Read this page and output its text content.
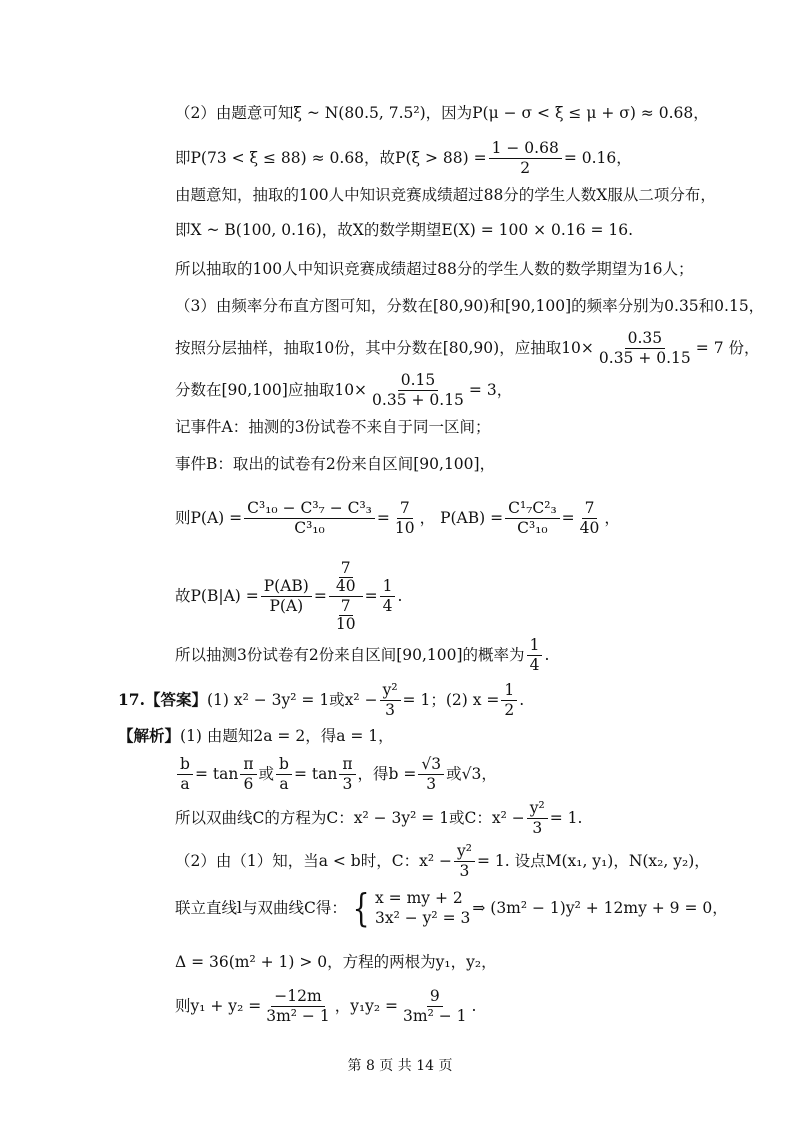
（2）由题意可知ξ ~ N(80.5, 7.5²)，因为P(μ − σ < ξ ≤ μ + σ) ≈ 0.68，
即P(73 < ξ ≤ 88) ≈ 0.68，故$P(\xi > 88) = \frac{1 - 0.68}{2} = 0.16$，
由题意知，抽取的100人中知识竞赛成绩超过88分的学生人数X服从二项分布，
即X ~ B(100, 0.16)，故X的数学期望E(X) = 100 × 0.16 = 16.
所以抽取的100人中知识竞赛成绩超过88分的学生人数的数学期望为16人；
（3）由频率分布直方图可知，分数在[80,90)和[90,100]的频率分别为0.35和0.15，
按照分层抽样，抽取10份，其中分数在[80,90)，应抽取$10\times \frac{0.35}{0.35 + 0.15} = 7$ 份，
分数在[90,100]应抽取$10\times \frac{0.15}{0.35 + 0.15} = 3$，
记事件A：抽测的3份试卷不来自于同一区间；
事件B：取出的试卷有2份来自区间[90,100]，
则$P(A) = \frac{\text{C³₁₀ − C³₇ − C³₃}}{\text{C³₁₀}} = \frac{7}{10}$ ， $P(AB) = \frac{\text{C¹₇C²₃}}{\text{C³₁₀}} = \frac{7}{40}$ ，
故$P(B|A) = \frac{P(AB)}{P(A)} = \frac{\frac{7}{40}}{\frac{7}{10}} = \frac{1}{4}$ .
所以抽测3份试卷有2份来自区间[90,100]的概率为 $\frac{1}{4}$ .
17.【答案】 (1) x² − 3y² = 1或$x^2 - \frac{\text{y²}}{3} = 1$；(2) $x = \frac{1}{2}$ .
【解析】 (1) 由题知2a = 2，得a = 1，
$\frac{b}{a} = \tan \frac{\pi}{6}$ 或 $\frac{b}{a} = \tan \frac{\pi}{3}$ ，得$b = \frac{√3}{3}$ 或√3，
所以双曲线C的方程为C：x² − 3y² = 1或C：$x^2 - \frac{\text{y²}}{3} = 1$.
（2）由（1）知，当a < b时，C：$x^2 - \frac{\text{y²}}{3} = 1$. 设点M(x₁, y₁)，N(x₂, y₂)，
联立直线l与双曲线C得： { x = my + 2
3x² − y² = 3
⇒ (3m² − 1)y² + 12my + 9 = 0，
Δ = 36(m² + 1) > 0，方程的两根为y₁，y₂，
则$y_1 + y_2 = \frac{-12m}{\text{3m² − 1}}$ ，$y_1y_2 = \frac{9}{\text{3m² − 1}}$ .
第 8 页 共 14 页
